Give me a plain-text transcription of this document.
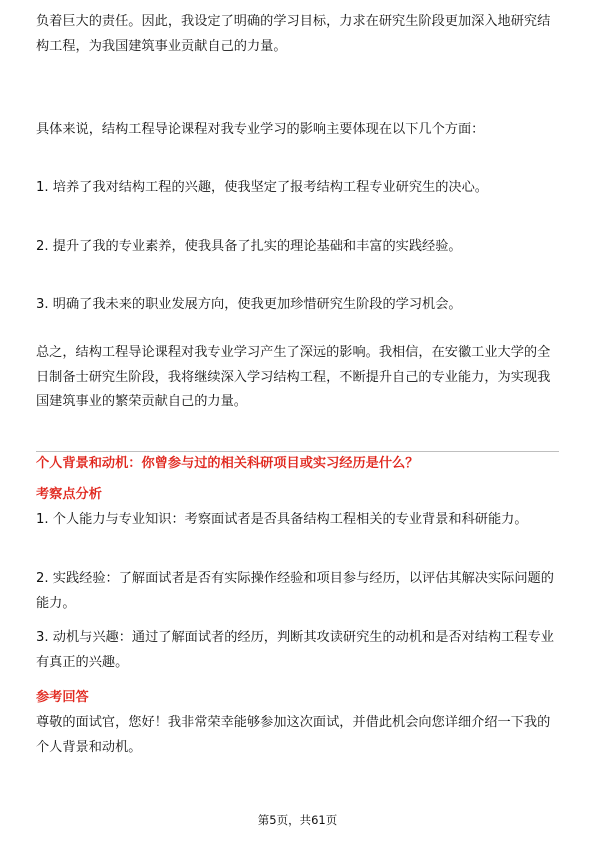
负着巨大的责任。因此，我设定了明确的学习目标，力求在研究生阶段更加深入地研究结构工程，为我国建筑事业贡献自己的力量。

具体来说，结构工程导论课程对我专业学习的影响主要体现在以下几个方面：

1. 培养了我对结构工程的兴趣，使我坚定了报考结构工程专业研究生的决心。

2. 提升了我的专业素养，使我具备了扎实的理论基础和丰富的实践经验。

3. 明确了我未来的职业发展方向，使我更加珍惜研究生阶段的学习机会。

总之，结构工程导论课程对我专业学习产生了深远的影响。我相信，在安徽工业大学的全日制备士研究生阶段，我将继续深入学习结构工程，不断提升自己的专业能力，为实现我国建筑事业的繁荣贡献自己的力量。

个人背景和动机：你曾参与过的相关科研项目或实习经历是什么？
考察点分析

1. 个人能力与专业知识：考察面试者是否具备结构工程相关的专业背景和科研能力。

2. 实践经验：了解面试者是否有实际操作经验和项目参与经历，以评估其解决实际问题的能力。

3. 动机与兴趣：通过了解面试者的经历，判断其攻读研究生的动机和是否对结构工程专业有真正的兴趣。

参考回答

尊敬的面试官，您好！我非常荣幸能够参加这次面试，并借此机会向您详细介绍一下我的个人背景和动机。

第5页，共61页
